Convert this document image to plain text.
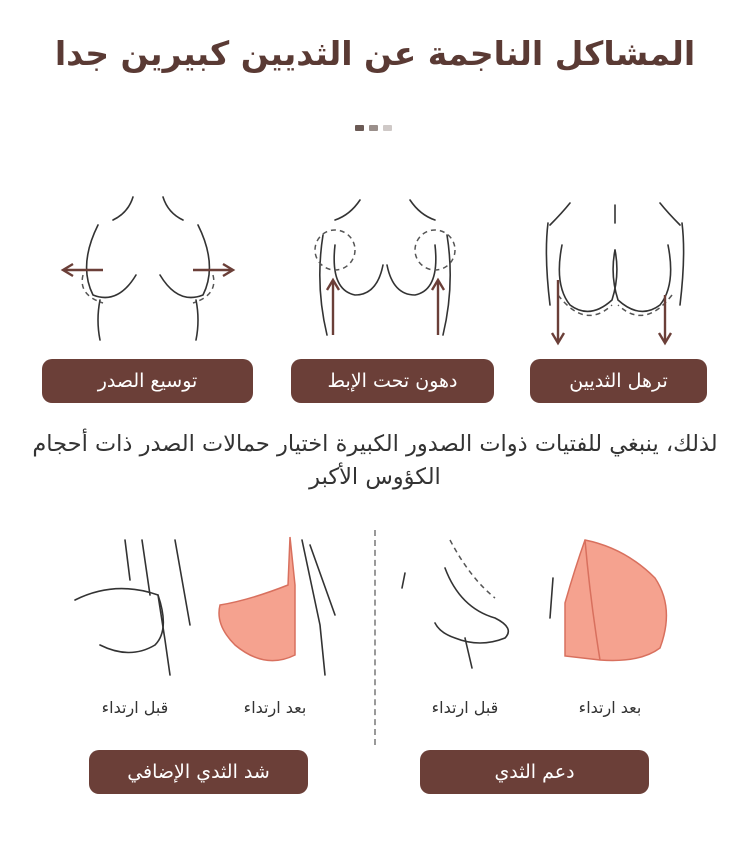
المشاكل الناجمة عن الثديين كبيرين جدا
ترهل الثديين
دهون تحت الإبط
توسيع الصدر
لذلك، ينبغي للفتيات ذوات الصدور الكبيرة اختيار حمالات الصدر ذات أحجام الكؤوس الأكبر
بعد ارتداء
قبل ارتداء
دعم الثدي
بعد ارتداء
قبل ارتداء
شد الثدي الإضافي
